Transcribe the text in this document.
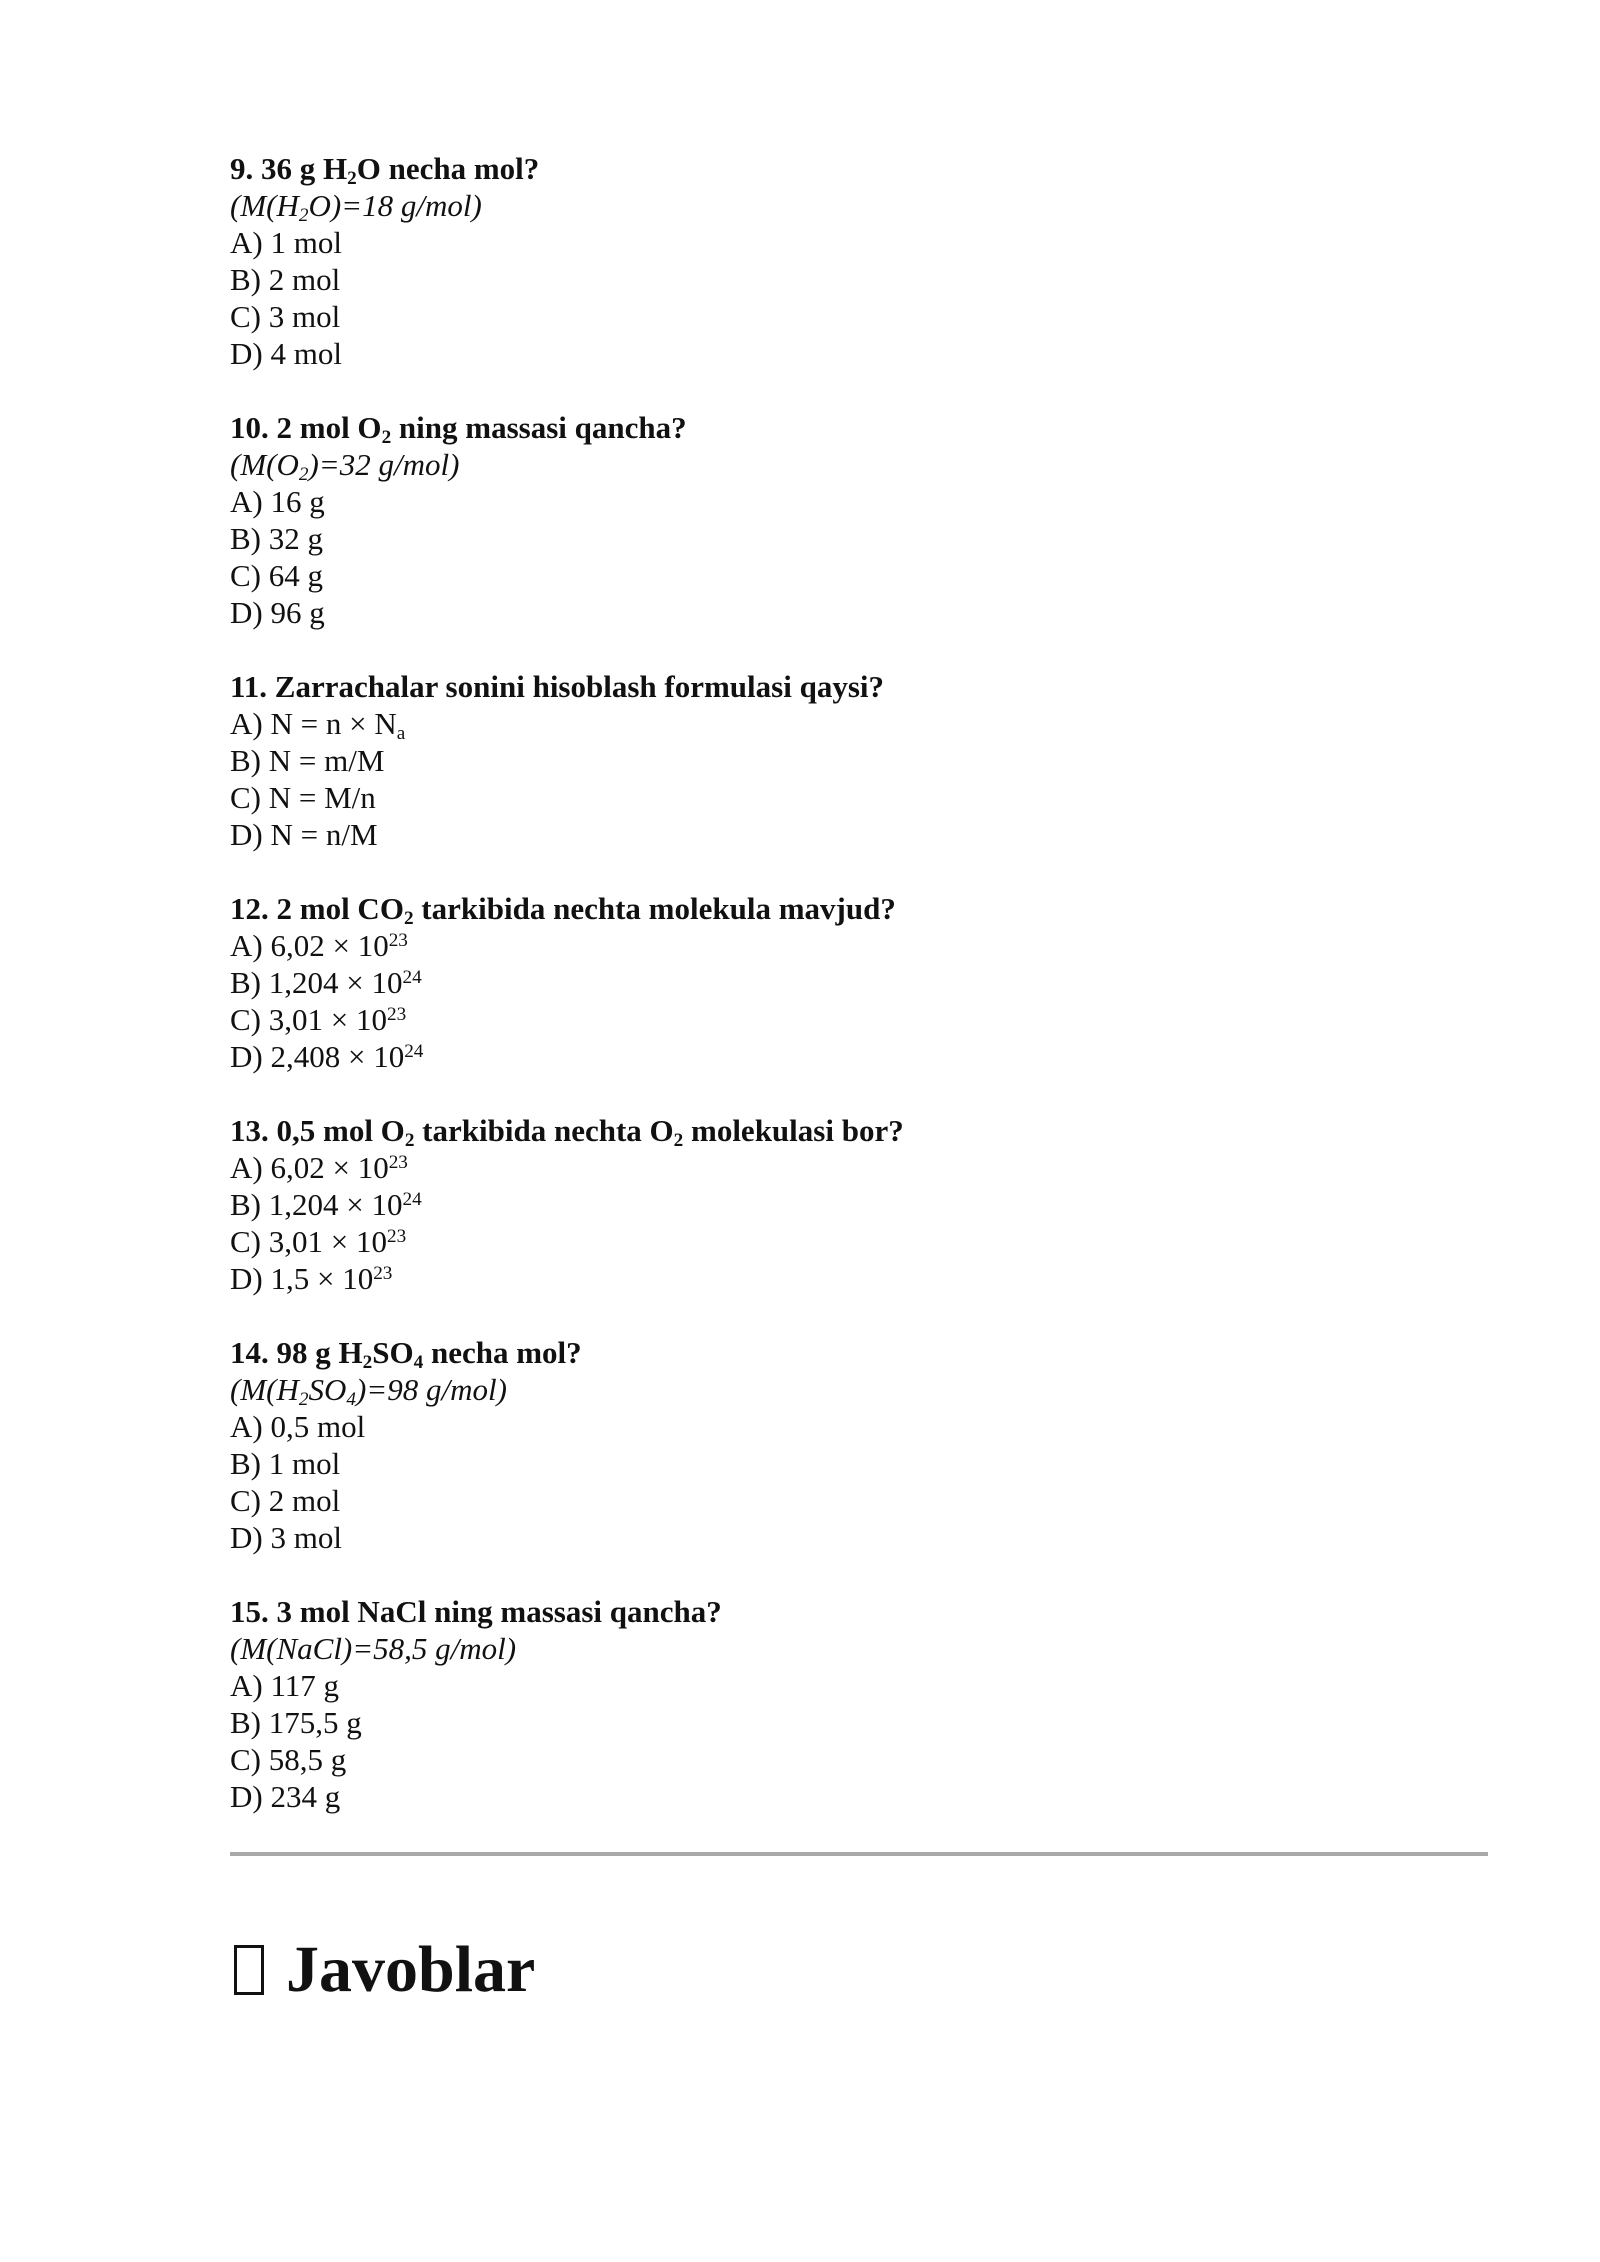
9. 36 g $H_2O$ necha mol?
($M(H_2O)=18$ g/mol)
A) 1 mol
B) 2 mol
C) 3 mol
D) 4 mol
10. 2 mol $O_2$ ning massasi qancha?
($M(O_2)=32$ g/mol)
A) 16 g
B) 32 g
C) 64 g
D) 96 g
11. Zarrachalar sonini hisoblash formulasi qaysi?
A) $N = n \times N_a$
B) N = m/M
C) N = M/n
D) N = n/M
12. 2 mol $CO_2$ tarkibida nechta molekula mavjud?
A) $6,02 \times 10^{23}$
B) $1,204 \times 10^{24}$
C) $3,01 \times 10^{23}$
D) $2,408 \times 10^{24}$
13. 0,5 mol $O_2$ tarkibida nechta $O_2$ molekulasi bor?
A) $6,02 \times 10^{23}$
B) $1,204 \times 10^{24}$
C) $3,01 \times 10^{23}$
D) $1,5 \times 10^{23}$
14. 98 g $H_2SO_4$ necha mol?
($M(H_2SO_4)=98$ g/mol)
A) 0,5 mol
B) 1 mol
C) 2 mol
D) 3 mol
15. 3 mol NaCl ning massasi qancha?
(M(NaCl)=58,5 g/mol)
A) 117 g
B) 175,5 g
C) 58,5 g
D) 234 g
Javoblar
